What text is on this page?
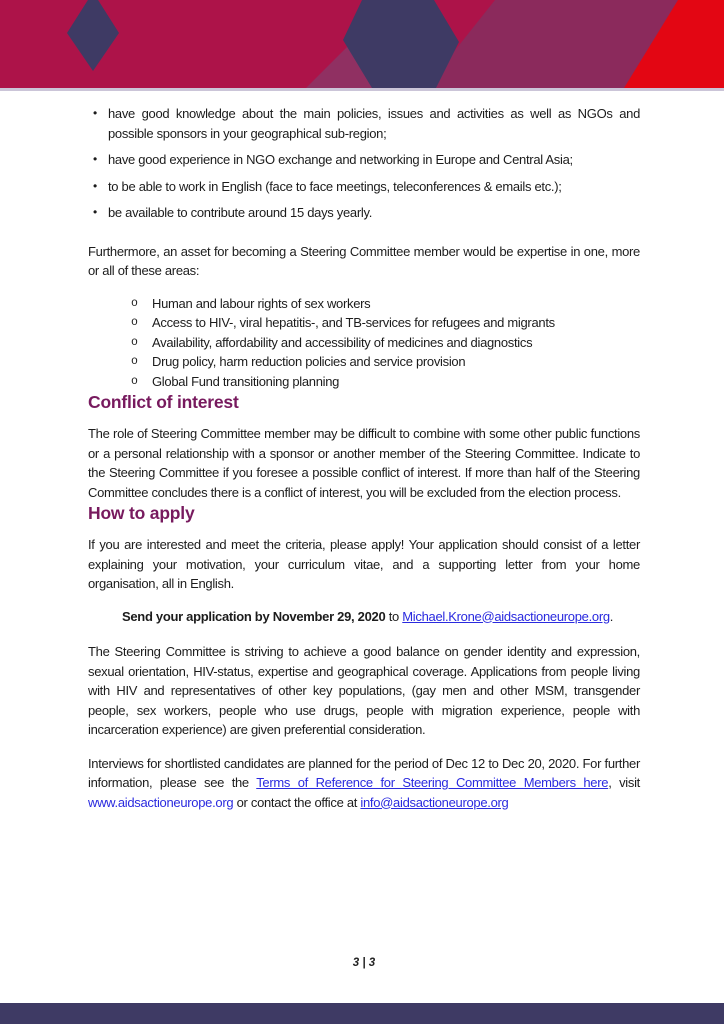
• have good knowledge about the main policies, issues and activities as well as NGOs and possible sponsors in your geographical sub-region;
• have good experience in NGO exchange and networking in Europe and Central Asia;
• to be able to work in English (face to face meetings, teleconferences & emails etc.);
• be available to contribute around 15 days yearly.

Furthermore, an asset for becoming a Steering Committee member would be expertise in one, more or all of these areas:

o	Human and labour rights of sex workers
o	Access to HIV-, viral hepatitis-, and TB-services for refugees and migrants
o	Availability, affordability and accessibility of medicines and diagnostics
o	Drug policy, harm reduction policies and service provision
o	Global Fund transitioning planning
Conflict of interest

The role of Steering Committee member may be difficult to combine with some other public functions or a personal relationship with a sponsor or another member of the Steering Committee. Indicate to the Steering Committee if you foresee a possible conflict of interest. If more than half of the Steering Committee concludes there is a conflict of interest, you will be excluded from the election process.

How to apply

If you are interested and meet the criteria, please apply! Your application should consist of a letter explaining your motivation, your curriculum vitae, and a supporting letter from your home organisation, all in English.

Send your application by November 29, 2020 to Michael.Krone@aidsactioneurope.org.

The Steering Committee is striving to achieve a good balance on gender identity and expression, sexual orientation, HIV-status, expertise and geographical coverage. Applications from people living with HIV and representatives of other key populations, (gay men and other MSM, transgender people, sex workers, people who use drugs, people with migration experience, people with incarceration experience) are given preferential consideration.

Interviews for shortlisted candidates are planned for the period of Dec 12 to Dec 20, 2020. For further information, please see the Terms of Reference for Steering Committee Members here, visit www.aidsactioneurope.org or contact the office at info@aidsactioneurope.org

3 | 3
